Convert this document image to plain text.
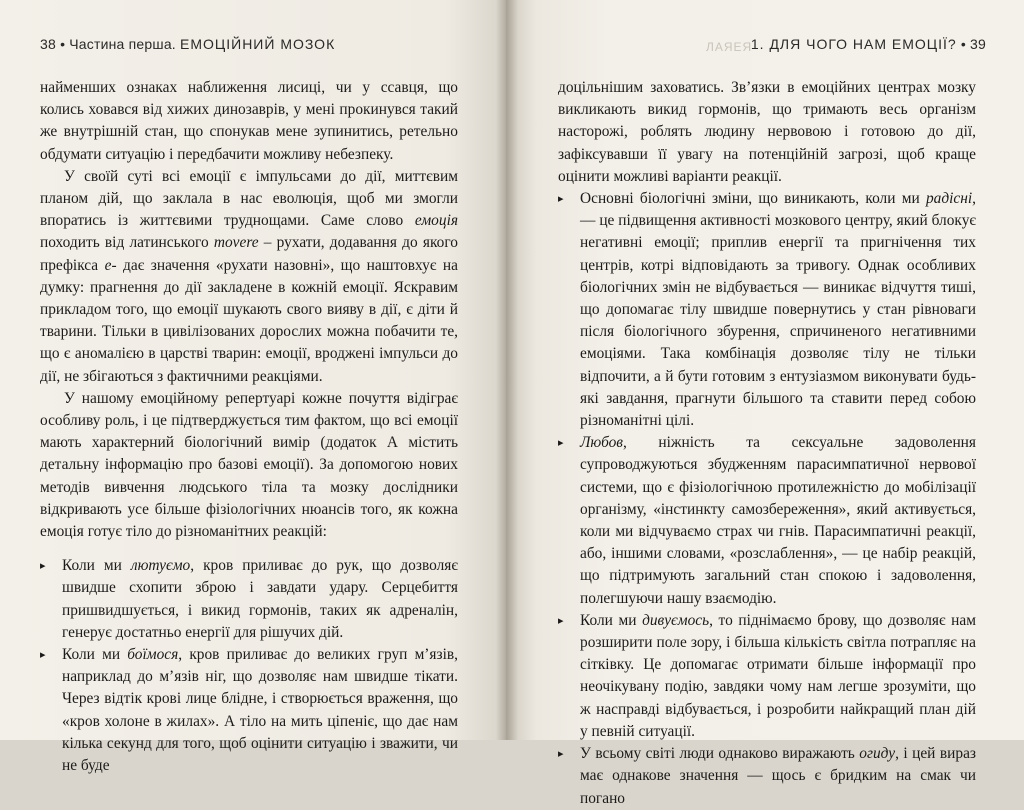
38 • Частина перша. ЕМОЦІЙНИЙ МОЗОК

найменших ознаках наближення лисиці, чи у ссавця, що колись ховався від хижих динозаврів, у мені прокинувся такий же внутрішній стан, що спонукав мене зупинитись, ретельно обдумати ситуацію і передбачити можливу небезпеку.

У своїй суті всі емоції є імпульсами до дії, миттєвим планом дій, що заклала в нас еволюція, щоб ми змогли впоратись із життєвими труднощами. Саме слово емоція походить від латинського movere – рухати, додавання до якого префікса е- дає значення «рухати назовні», що наштовхує на думку: прагнення до дії закладене в кожній емоції. Яскравим прикладом того, що емоції шукають свого вияву в дії, є діти й тварини. Тільки в цивілізованих дорослих можна побачити те, що є аномалією в царстві тварин: емоції, вроджені імпульси до дії, не збігаються з фактичними реакціями.

У нашому емоційному репертуарі кожне почуття відіграє особливу роль, і це підтверджується тим фактом, що всі емоції мають характерний біологічний вимір (додаток А містить детальну інформацію про базові емоції). За допомогою нових методів вивчення людського тіла та мозку дослідники відкривають усе більше фізіологічних нюансів того, як кожна емоція готує тіло до різноманітних реакцій:

▸ Коли ми лютуємо, кров приливає до рук, що дозволяє швидше схопити зброю і завдати удару. Серцебиття пришвидшується, і викид гормонів, таких як адреналін, генерує достатньо енергії для рішучих дій.

▸ Коли ми боїмося, кров приливає до великих груп м’язів, наприклад до м’язів ніг, що дозволяє нам швидше тікати. Через відтік крові лице блідне, і створюється враження, що «кров холоне в жилах». А тіло на мить ціпеніє, що дає нам кілька секунд для того, щоб оцінити ситуацію і зважити, чи не буде

ЛАЯЕЯ
1. ДЛЯ ЧОГО НАМ ЕМОЦІЇ? • 39

доцільнішим заховатись. Зв’язки в емоційних центрах мозку викликають викид гормонів, що тримають весь організм насторожі, роблять людину нервовою і готовою до дії, зафіксувавши її увагу на потенційній загрозі, щоб краще оцінити можливі варіанти реакції.

▸ Основні біологічні зміни, що виникають, коли ми радісні, — це підвищення активності мозкового центру, який блокує негативні емоції; приплив енергії та пригнічення тих центрів, котрі відповідають за тривогу. Однак особливих біологічних змін не відбувається — виникає відчуття тиші, що допомагає тілу швидше повернутись у стан рівноваги після біологічного збурення, спричиненого негативними емоціями. Така комбінація дозволяє тілу не тільки відпочити, а й бути готовим з ентузіазмом виконувати будь-які завдання, прагнути більшого та ставити перед собою різноманітні цілі.

▸ Любов, ніжність та сексуальне задоволення супроводжуються збудженням парасимпатичної нервової системи, що є фізіологічною протилежністю до мобілізації організму, «інстинкту самозбереження», який активується, коли ми відчуваємо страх чи гнів. Парасимпатичні реакції, або, іншими словами, «розслаблення», — це набір реакцій, що підтримують загальний стан спокою і задоволення, полегшуючи нашу взаємодію.

▸ Коли ми дивуємось, то піднімаємо брову, що дозволяє нам розширити поле зору, і більша кількість світла потрапляє на сітківку. Це допомагає отримати більше інформації про неочікувану подію, завдяки чому нам легше зрозуміти, що ж насправді відбувається, і розробити найкращий план дій у певній ситуації.

▸ У всьому світі люди однаково виражають огиду, і цей вираз має однакове значення — щось є бридким на смак чи погано
